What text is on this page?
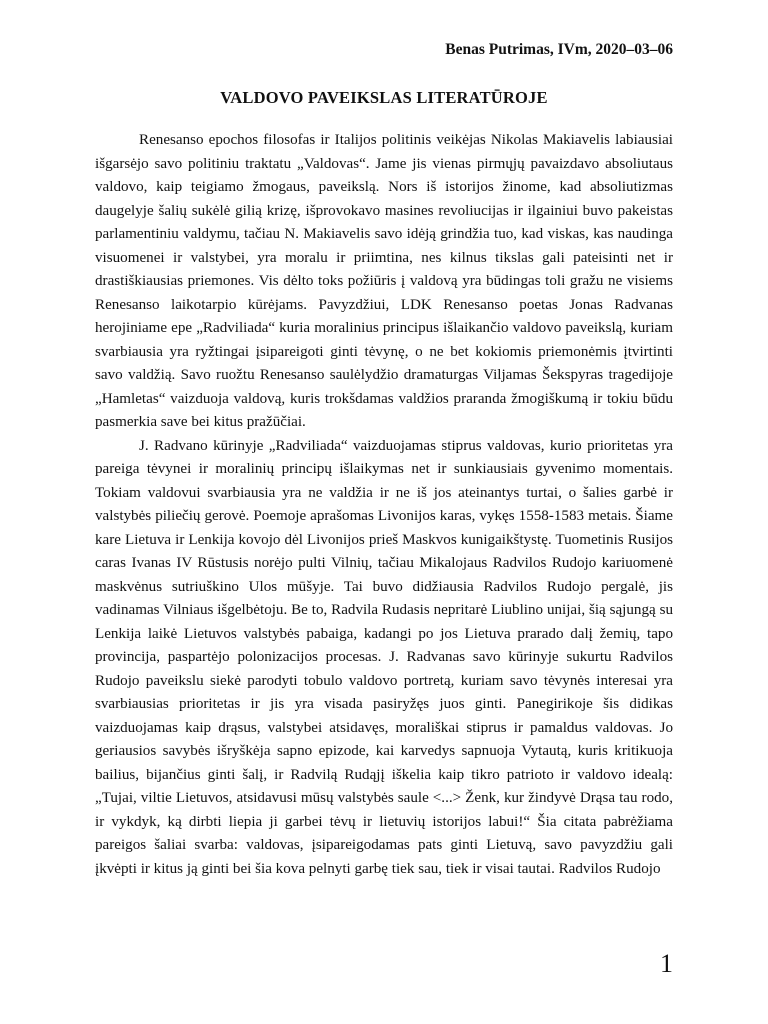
Benas Putrimas, IVm, 2020–03–06
VALDOVO PAVEIKSLAS LITERATŪROJE

Renesanso epochos filosofas ir Italijos politinis veikėjas Nikolas Makiavelis labiausiai išgarsėjo savo politiniu traktatu „Valdovas“. Jame jis vienas pirmųjų pavaizdavo absoliutaus valdovo, kaip teigiamo žmogaus, paveikslą. Nors iš istorijos žinome, kad absoliutizmas daugelyje šalių sukėlė gilią krizę, išprovokavo masines revoliucijas ir ilgainiui buvo pakeistas parlamentiniu valdymu, tačiau N. Makiavelis savo idėją grindžia tuo, kad viskas, kas naudinga visuomenei ir valstybei, yra moralu ir priimtina, nes kilnus tikslas gali pateisinti net ir drastiškiausias priemones. Vis dėlto toks požiūris į valdovą yra būdingas toli gražu ne visiems Renesanso laikotarpio kūrėjams. Pavyzdžiui, LDK Renesanso poetas Jonas Radvanas herojiniame epe „Radviliada“ kuria moralinius principus išlaikančio valdovo paveikslą, kuriam svarbiausia yra ryžtingai įsipareigoti ginti tėvynę, o ne bet kokiomis priemonėmis įtvirtinti savo valdžią. Savo ruožtu Renesanso saulėlydžio dramaturgas Viljamas Šekspyras tragedijoje „Hamletas“ vaizduoja valdovą, kuris trokšdamas valdžios praranda žmogiškumą ir tokiu būdu pasmerkia save bei kitus pražūčiai.

J. Radvano kūrinyje „Radviliada“ vaizduojamas stiprus valdovas, kurio prioritetas yra pareiga tėvynei ir moralinių principų išlaikymas net ir sunkiausiais gyvenimo momentais. Tokiam valdovui svarbiausia yra ne valdžia ir ne iš jos ateinantys turtai, o šalies garbė ir valstybės piliečių gerovė. Poemoje aprašomas Livonijos karas, vykęs 1558-1583 metais. Šiame kare Lietuva ir Lenkija kovojo dėl Livonijos prieš Maskvos kunigaikštystę. Tuometinis Rusijos caras Ivanas IV Rūstusis norėjo pulti Vilnių, tačiau Mikalojaus Radvilos Rudojo kariuomenė maskvėnus sutriuškino Ulos mūšyje. Tai buvo didžiausia Radvilos Rudojo pergalė, jis vadinamas Vilniaus išgelbėtoju. Be to, Radvila Rudasis nepritarė Liublino unijai, šią sąjungą su Lenkija laikė Lietuvos valstybės pabaiga, kadangi po jos Lietuva prarado dalį žemių, tapo provincija, paspartėjo polonizacijos procesas. J. Radvanas savo kūrinyje sukurtu Radvilos Rudojo paveikslu siekė parodyti tobulo valdovo portretą, kuriam savo tėvynės interesai yra svarbiausias prioritetas ir jis yra visada pasiryžęs juos ginti. Panegirikoje šis didikas vaizduojamas kaip drąsus, valstybei atsidavęs, morališkai stiprus ir pamaldus valdovas. Jo geriausios savybės išryškėja sapno epizode, kai karvedys sapnuoja Vytautą, kuris kritikuoja bailius, bijančius ginti šalį, ir Radvilą Rudąjį iškelia kaip tikro patrioto ir valdovo idealą: „Tujai, viltie Lietuvos, atsidavusi mūsų valstybės saule <...> Ženk, kur žindyvė Drąsa tau rodo, ir vykdyk, ką dirbti liepia ji garbei tėvų ir lietuvių istorijos labui!“ Šia citata pabrėžiama pareigos šaliai svarba: valdovas, įsipareigodamas pats ginti Lietuvą, savo pavyzdžiu gali įkvėpti ir kitus ją ginti bei šia kova pelnyti garbę tiek sau, tiek ir visai tautai. Radvilos Rudojo

1
